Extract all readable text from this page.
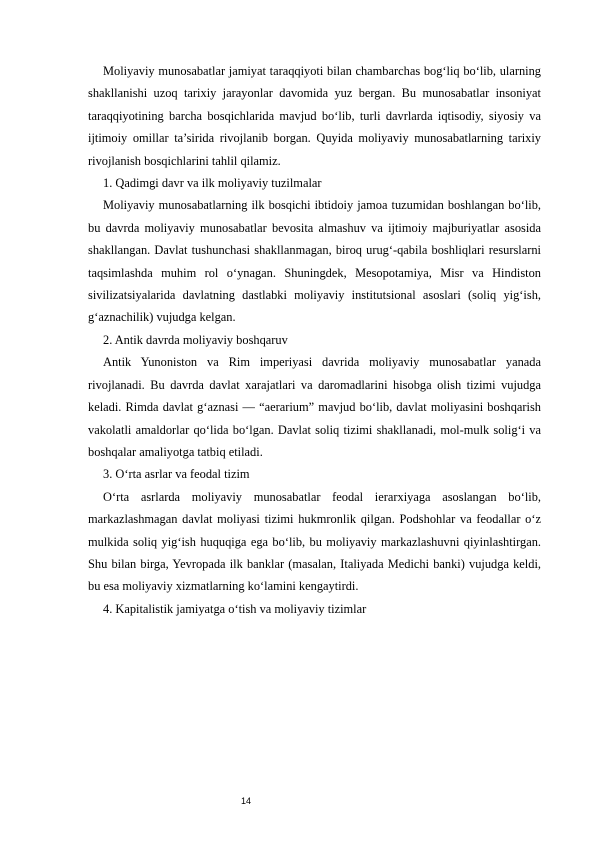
Moliyaviy munosabatlar jamiyat taraqqiyoti bilan chambarchas bog‘liq bo‘lib, ularning shakllanishi uzoq tarixiy jarayonlar davomida yuz bergan. Bu munosabatlar insoniyat taraqqiyotining barcha bosqichlarida mavjud bo‘lib, turli davrlarda iqtisodiy, siyosiy va ijtimoiy omillar ta’sirida rivojlanib borgan. Quyida moliyaviy munosabatlarning tarixiy rivojlanish bosqichlarini tahlil qilamiz.

1. Qadimgi davr va ilk moliyaviy tuzilmalar

Moliyaviy munosabatlarning ilk bosqichi ibtidoiy jamoa tuzumidan boshlangan bo‘lib, bu davrda moliyaviy munosabatlar bevosita almashuv va ijtimoiy majburiyatlar asosida shakllangan. Davlat tushunchasi shakllanmagan, biroq urug‘-qabila boshliqlari resurslarni taqsimlashda muhim rol o‘ynagan. Shuningdek, Mesopotamiya, Misr va Hindiston sivilizatsiyalarida davlatning dastlabki moliyaviy institutsional asoslari (soliq yig‘ish, g‘aznachilik) vujudga kelgan.

2. Antik davrda moliyaviy boshqaruv

Antik Yunoniston va Rim imperiyasi davrida moliyaviy munosabatlar yanada rivojlanadi. Bu davrda davlat xarajatlari va daromadlarini hisobga olish tizimi vujudga keladi. Rimda davlat g‘aznasi — “aerarium” mavjud bo‘lib, davlat moliyasini boshqarish vakolatli amaldorlar qo‘lida bo‘lgan. Davlat soliq tizimi shakllanadi, mol-mulk solig‘i va boshqalar amaliyotga tatbiq etiladi.

3. O‘rta asrlar va feodal tizim

O‘rta asrlarda moliyaviy munosabatlar feodal ierarxiyaga asoslangan bo‘lib, markazlashmagan davlat moliyasi tizimi hukmronlik qilgan. Podshohlar va feodallar o‘z mulkida soliq yig‘ish huquqiga ega bo‘lib, bu moliyaviy markazlashuvni qiyinlashtirgan. Shu bilan birga, Yevropada ilk banklar (masalan, Italiyada Medichi banki) vujudga keldi, bu esa moliyaviy xizmatlarning ko‘lamini kengaytirdi.

4. Kapitalistik jamiyatga o‘tish va moliyaviy tizimlar

14
